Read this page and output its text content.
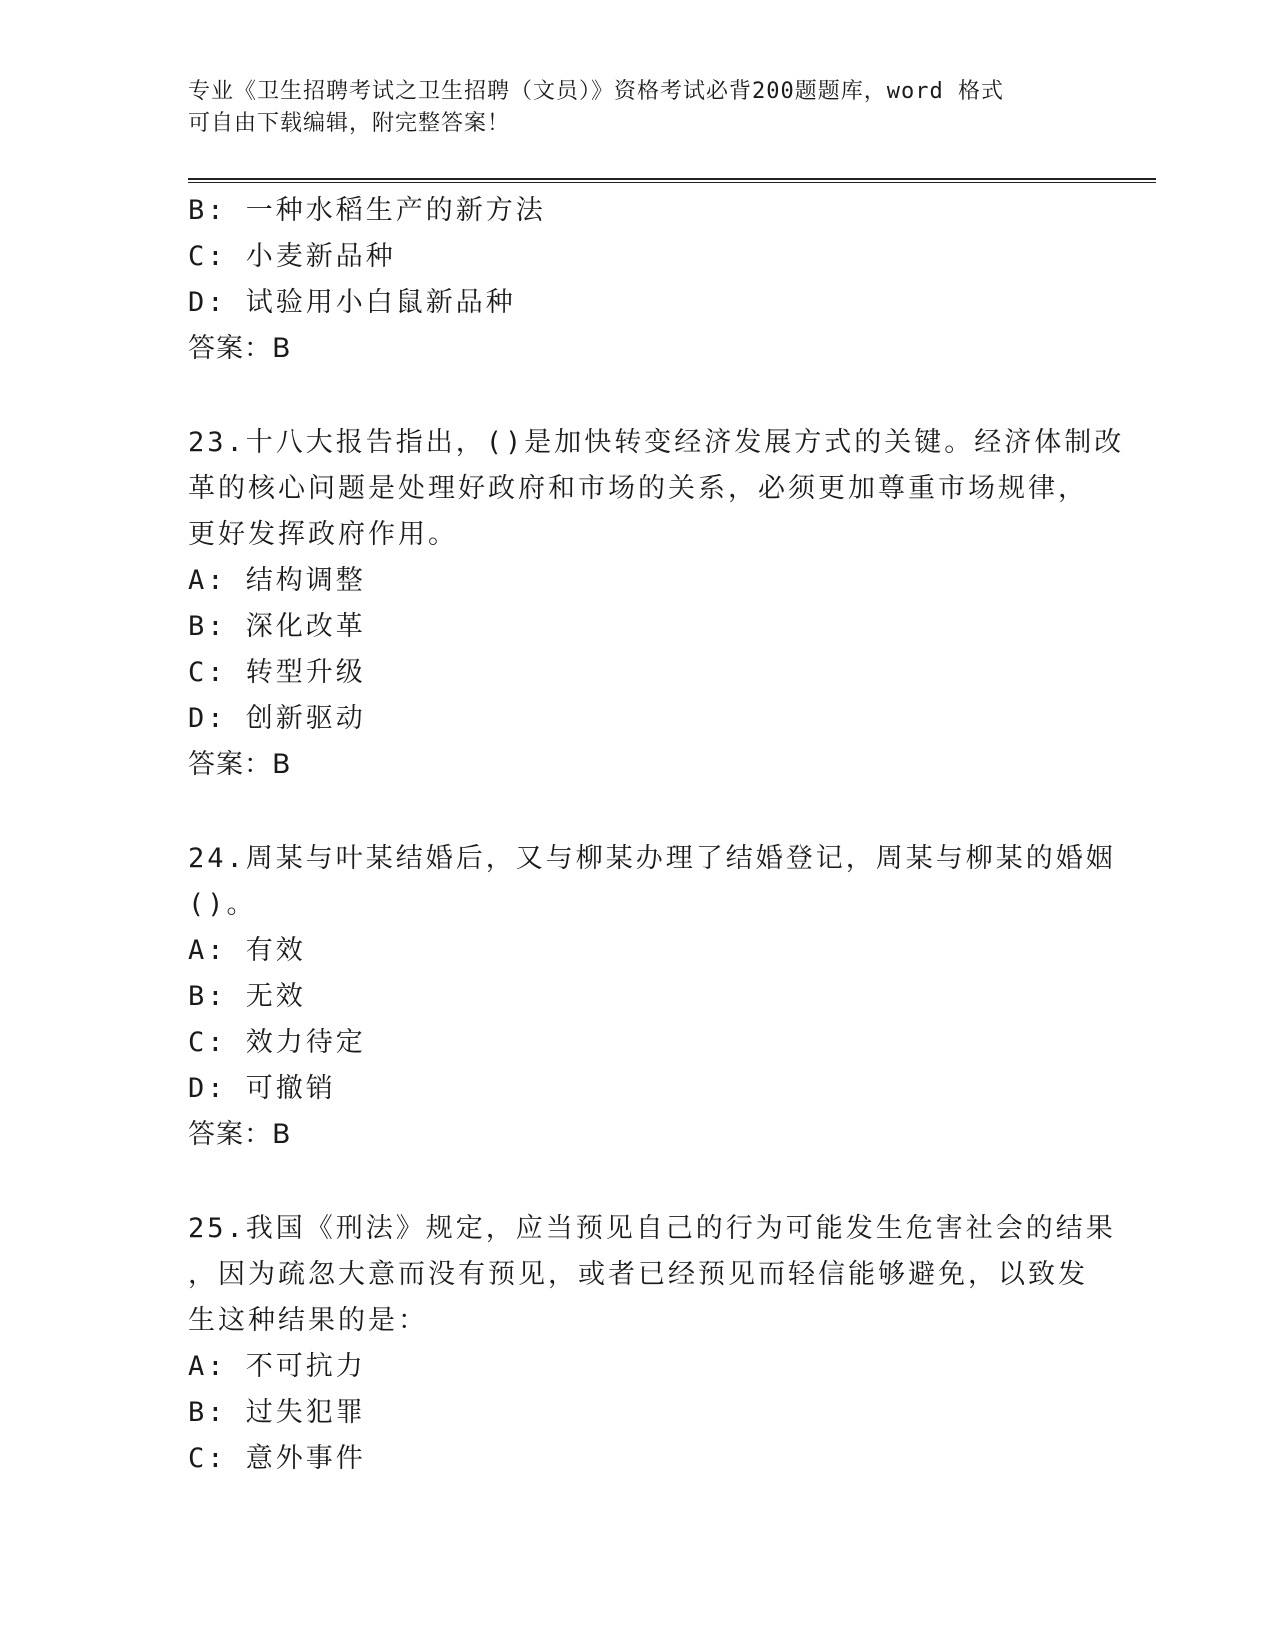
专业《卫生招聘考试之卫生招聘（文员）》资格考试必背200题题库，word 格式
可自由下载编辑，附完整答案！
B: 一种水稻生产的新方法
C: 小麦新品种
D: 试验用小白鼠新品种
答案：B
23.十八大报告指出，()是加快转变经济发展方式的关键。经济体制改
革的核心问题是处理好政府和市场的关系，必须更加尊重市场规律，
更好发挥政府作用。
A: 结构调整
B: 深化改革
C: 转型升级
D: 创新驱动
答案：B
24.周某与叶某结婚后，又与柳某办理了结婚登记，周某与柳某的婚姻
()。
A: 有效
B: 无效
C: 效力待定
D: 可撤销
答案：B
25.我国《刑法》规定，应当预见自己的行为可能发生危害社会的结果
，因为疏忽大意而没有预见，或者已经预见而轻信能够避免，以致发
生这种结果的是：
A: 不可抗力
B: 过失犯罪
C: 意外事件
